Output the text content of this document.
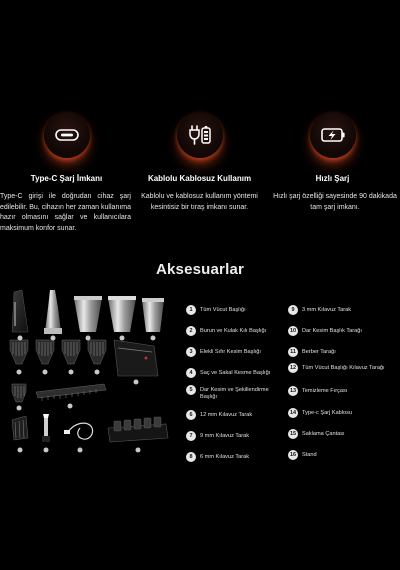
Type-C Şarj İmkanı
Type-C girişi ile doğrudan cihaz şarj edilebilir. Bu, cihazın her zaman kullanıma hazır olmasını sağlar ve kullanıcılara maksimum konfor sunar.
Kablolu Kablosuz Kullanım
Kablolu ve kablosuz kullanım yöntemi kesintisiz bir tıraş imkanı sunar.
Hızlı Şarj
Hızlı şarj özelliği sayesinde 90 dakikada tam şarj imkanı.
Aksesuarlar
1	Tüm Vücut Başlığı
2	Burun ve Kulak Kılı Başlığı
3	Elekli Sıfır Kesim Başlığı
4	Saç ve Sakal Kesme Başlığı
5	Dar Kesim ve Şekillendirme Başlığı
6	12 mm Kılavuz Tarak
7	9 mm Kılavuz Tarak
8	6 mm Kılavuz Tarak
9	3 mm Kılavuz Tarak
10	Dar Kesim Başlık Tarağı
11	Berber Tarağı
12	Tüm Vücut Başlığı Kılavuz Tarağı
13	Temizleme Fırçası
14	Type-c Şarj Kablosu
15	Saklama Çantası
16	Stand
